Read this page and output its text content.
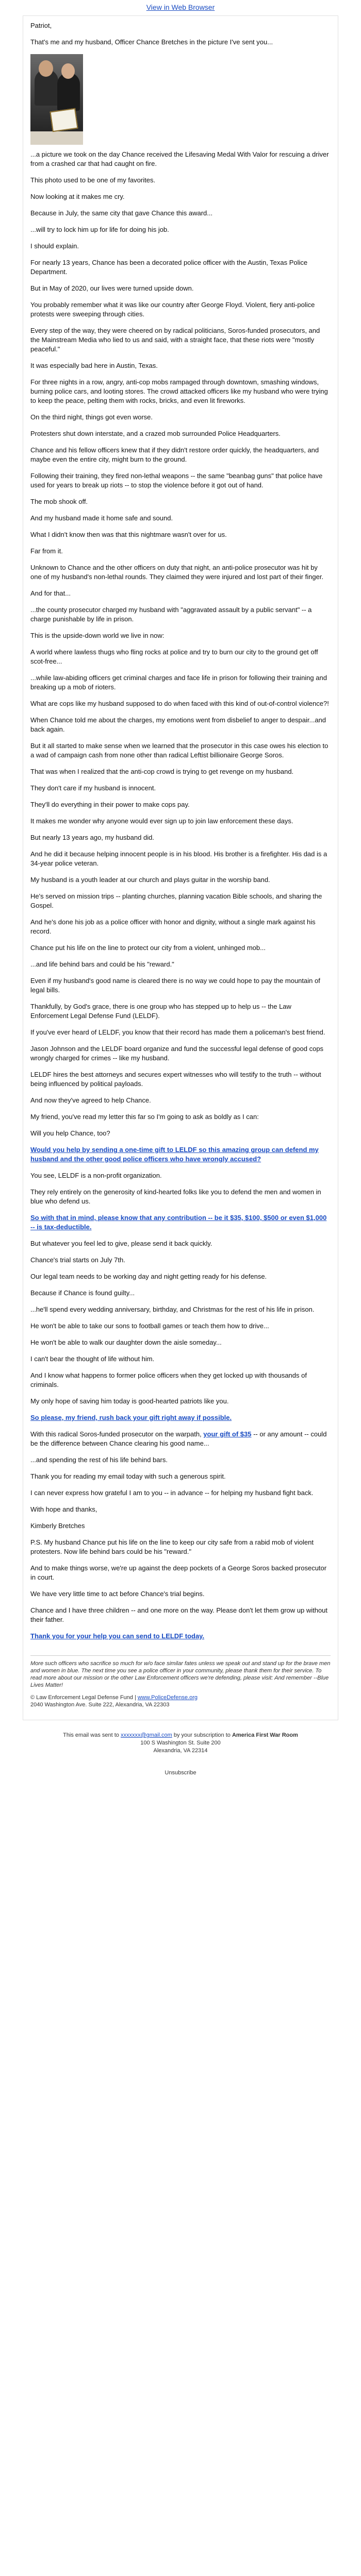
View in Web Browser

Patriot,

That's me and my husband, Officer Chance Bretches in the picture I've sent you...

...a picture we took on the day Chance received the Lifesaving Medal With Valor for rescuing a driver from a crashed car that had caught on fire.

This photo used to be one of my favorites.

Now looking at it makes me cry.

Because in July, the same city that gave Chance this award...

...will try to lock him up for life for doing his job.

I should explain.

For nearly 13 years, Chance has been a decorated police officer with the Austin, Texas Police Department.

But in May of 2020, our lives were turned upside down.

You probably remember what it was like our country after George Floyd. Violent, fiery anti-police protests were sweeping through cities.

Every step of the way, they were cheered on by radical politicians, Soros-funded prosecutors, and the Mainstream Media who lied to us and said, with a straight face, that these riots were "mostly peaceful."

It was especially bad here in Austin, Texas.

For three nights in a row, angry, anti-cop mobs rampaged through downtown, smashing windows, burning police cars, and looting stores. The crowd attacked officers like my husband who were trying to keep the peace, pelting them with rocks, bricks, and even lit fireworks.

On the third night, things got even worse.

Protesters shut down interstate, and a crazed mob surrounded Police Headquarters.

Chance and his fellow officers knew that if they didn't restore order quickly, the headquarters, and maybe even the entire city, might burn to the ground.

Following their training, they fired non-lethal weapons -- the same "beanbag guns" that police have used for years to break up riots -- to stop the violence before it got out of hand.

The mob shook off.

And my husband made it home safe and sound.

What I didn't know then was that this nightmare wasn't over for us.

Far from it.

Unknown to Chance and the other officers on duty that night, an anti-police prosecutor was hit by one of my husband's non-lethal rounds. They claimed they were injured and lost part of their finger.

And for that...

...the county prosecutor charged my husband with "aggravated assault by a public servant" -- a charge punishable by life in prison.

This is the upside-down world we live in now:

A world where lawless thugs who fling rocks at police and try to burn our city to the ground get off scot-free...

...while law-abiding officers get criminal charges and face life in prison for following their training and breaking up a mob of rioters.

What are cops like my husband supposed to do when faced with this kind of out-of-control violence?!

When Chance told me about the charges, my emotions went from disbelief to anger to despair...and back again.

But it all started to make sense when we learned that the prosecutor in this case owes his election to a wad of campaign cash from none other than radical Leftist billionaire George Soros.

That was when I realized that the anti-cop crowd is trying to get revenge on my husband.

They don't care if my husband is innocent.

They'll do everything in their power to make cops pay.

It makes me wonder why anyone would ever sign up to join law enforcement these days.

But nearly 13 years ago, my husband did.

And he did it because helping innocent people is in his blood. His brother is a firefighter. His dad is a 34-year police veteran.

My husband is a youth leader at our church and plays guitar in the worship band.

He's served on mission trips -- planting churches, planning vacation Bible schools, and sharing the Gospel.

And he's done his job as a police officer with honor and dignity, without a single mark against his record.

Chance put his life on the line to protect our city from a violent, unhinged mob...

...and life behind bars and could be his "reward."

Even if my husband's good name is cleared there is no way we could hope to pay the mountain of legal bills.

Thankfully, by God's grace, there is one group who has stepped up to help us -- the Law Enforcement Legal Defense Fund (LELDF).

If you've ever heard of LELDF, you know that their record has made them a policeman's best friend.

Jason Johnson and the LELDF board organize and fund the successful legal defense of good cops wrongly charged for crimes -- like my husband.

LELDF hires the best attorneys and secures expert witnesses who will testify to the truth -- without being influenced by political payloads.

And now they've agreed to help Chance.

My friend, you've read my letter this far so I'm going to ask as boldly as I can:

Will you help Chance, too?

Would you help by sending a one-time gift to LELDF so this amazing group can defend my husband and the other good police officers who have wrongly accused?

You see, LELDF is a non-profit organization.

They rely entirely on the generosity of kind-hearted folks like you to defend the men and women in blue who defend us.

So with that in mind, please know that any contribution -- be it $35, $100, $500 or even $1,000 -- is tax-deductible.

But whatever you feel led to give, please send it back quickly.

Chance's trial starts on July 7th.

Our legal team needs to be working day and night getting ready for his defense.

Because if Chance is found guilty...

...he'll spend every wedding anniversary, birthday, and Christmas for the rest of his life in prison.

He won't be able to take our sons to football games or teach them how to drive...

He won't be able to walk our daughter down the aisle someday...

I can't bear the thought of life without him.

And I know what happens to former police officers when they get locked up with thousands of criminals.

My only hope of saving him today is good-hearted patriots like you.

So please, my friend, rush back your gift right away if possible.

With this radical Soros-funded prosecutor on the warpath, your gift of $35 -- or any amount -- could be the difference between Chance clearing his good name...

...and spending the rest of his life behind bars.

Thank you for reading my email today with such a generous spirit.

I can never express how grateful I am to you -- in advance -- for helping my husband fight back.

With hope and thanks,

Kimberly Bretches

P.S. My husband Chance put his life on the line to keep our city safe from a rabid mob of violent protesters. Now life behind bars could be his "reward."

And to make things worse, we're up against the deep pockets of a George Soros backed prosecutor in court.

We have very little time to act before Chance's trial begins.

Chance and I have three children -- and one more on the way. Please don't let them grow up without their father.

Thank you for your help you can send to LELDF today.

More such officers who sacrifice so much for w/o face similar fates unless we speak out and stand up for the brave men and women in blue. The next time you see a police officer in your community, please thank them for their service. To read more about our mission or the other Law Enforcement officers we're defending, please visit: And remember --Blue Lives Matter!

© Law Enforcement Legal Defense Fund | www.PoliceDefense.org
2040 Washington Ave. Suite 222, Alexandria, VA 22303
This email was sent to xxxxxxx@gmail.com by your subscription to America First War Room
100 S Washington St. Suite 200
Alexandria, VA 22314
Unsubscribe
